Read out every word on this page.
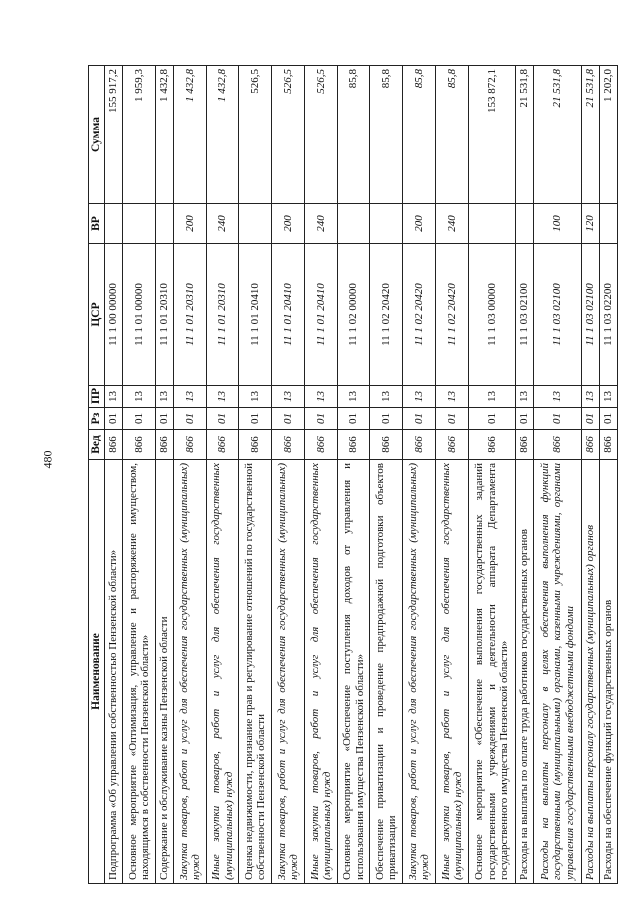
480
Наименование	Вед	Рз	ПР	ЦСР	ВР	Сумма
Подпрограмма «Об управлении собственностью Пензенской области»	866	01	13	11 1 00 00000		155 917,2
Основное мероприятие «Оптимизация, управление и распоряжение имуществом, находящимся в собственности Пензенской области»	866	01	13	11 1 01 00000		1 959,3
Содержание и обслуживание казны Пензенской области	866	01	13	11 1 01 20310		1 432,8
Закупка товаров, работ и услуг для обеспечения государственных (муниципальных) нужд	866	01	13	11 1 01 20310	200	1 432,8
Иные закупки товаров, работ и услуг для обеспечения государственных (муниципальных) нужд	866	01	13	11 1 01 20310	240	1 432,8
Оценка недвижимости, признание прав и регулирование отношений по государственной собственности Пензенской области	866	01	13	11 1 01 20410		526,5
Закупка товаров, работ и услуг для обеспечения государственных (муниципальных) нужд	866	01	13	11 1 01 20410	200	526,5
Иные закупки товаров, работ и услуг для обеспечения государственных (муниципальных) нужд	866	01	13	11 1 01 20410	240	526,5
Основное мероприятие «Обеспечение поступления доходов от управления и использования имущества Пензенской области»	866	01	13	11 1 02 00000		85,8
Обеспечение приватизации и проведение предпродажной подготовки объектов приватизации	866	01	13	11 1 02 20420		85,8
Закупка товаров, работ и услуг для обеспечения государственных (муниципальных) нужд	866	01	13	11 1 02 20420	200	85,8
Иные закупки товаров, работ и услуг для обеспечения государственных (муниципальных) нужд	866	01	13	11 1 02 20420	240	85,8
Основное мероприятие «Обеспечение выполнения государственных заданий государственными учреждениями и деятельности аппарата Департамента государственного имущества Пензенской области»	866	01	13	11 1 03 00000		153 872,1
Расходы на выплаты по оплате труда работников государственных органов	866	01	13	11 1 03 02100		21 531,8
Расходы на выплаты персоналу в целях обеспечения выполнения функций государственными (муниципальными) органами, казенными учреждениями, органами управления государственными внебюджетными фондами	866	01	13	11 1 03 02100	100	21 531,8
Расходы на выплаты персоналу государственных (муниципальных) органов	866	01	13	11 1 03 02100	120	21 531,8
Расходы на обеспечение функций государственных органов	866	01	13	11 1 03 02200		1 202,0
